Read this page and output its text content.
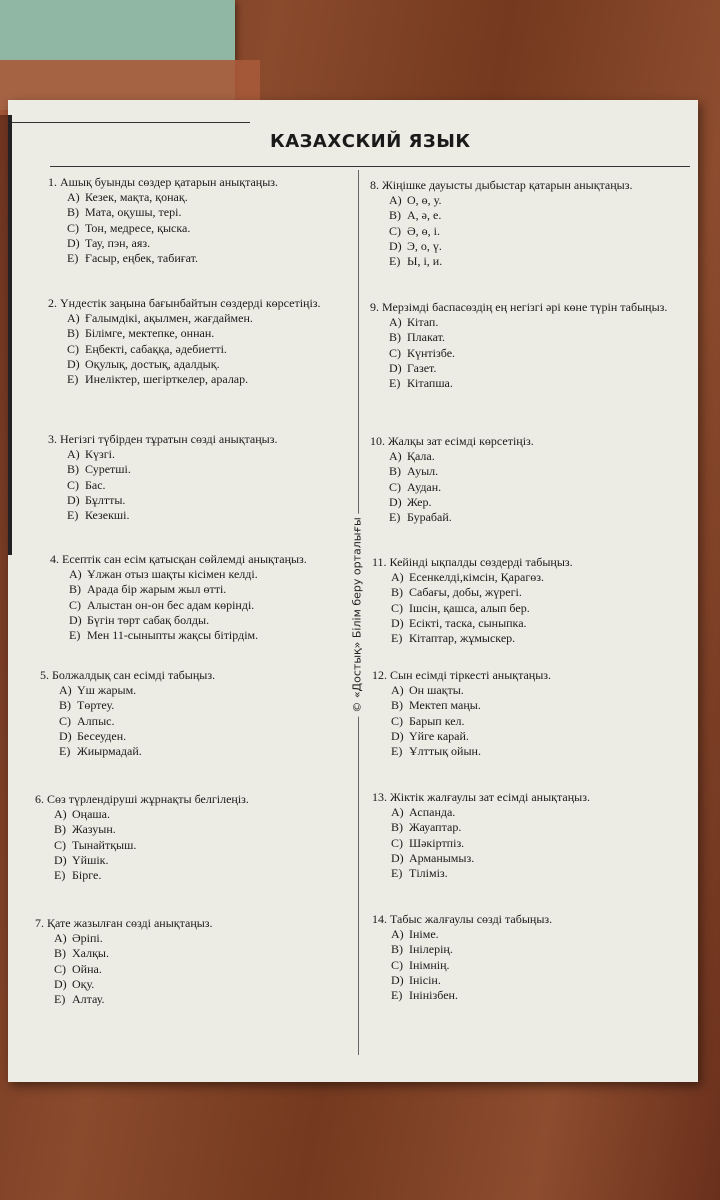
КАЗАХСКИЙ ЯЗЫК
© «Достық» Білім беру орталығы
1. Ашық буынды сөздер қатарын анықтаңыз.
A) Кезек, мақта, қонақ.
B) Мата, оқушы, тері.
C) Тон, медресе, қыска.
D) Тау, пэн, аяз.
E) Ғасыр, еңбек, табиғат.
2. Үндестік заңына бағынбайтын сөздерді көрсетіңіз.
A) Ғалымдікі, ақылмен, жағдаймен.
B) Білімге, мектепке, оннан.
C) Еңбекті, сабаққа, әдебиетті.
D) Оқулық, достық, адалдық.
E) Инеліктер, шегірткелер, аралар.
3. Негізгі түбірден тұратын сөзді анықтаңыз.
A) Күзгі.
B) Суретші.
C) Бас.
D) Бұлтты.
E) Кезекші.
4. Есептік сан есім қатысқан сөйлемді анықтаңыз.
A) Ұлжан отыз шақты кісімен келді.
B) Арада бір жарым жыл өтті.
C) Алыстан он-он бес адам көрінді.
D) Бүгін төрт сабақ болды.
E) Мен 11-сыныпты жақсы бітірдім.
5. Болжалдық сан есімді табыңыз.
A) Үш жарым.
B) Төртеу.
C) Алпыс.
D) Бесеуден.
E) Жиырмадай.
6. Сөз түрлендіруші жұрнақты белгілеңіз.
A) Оңаша.
B) Жазуын.
C) Тынайтқыш.
D) Үйшік.
E) Бірге.
7. Қате жазылған сөзді анықтаңыз.
A) Әріпі.
B) Халқы.
C) Ойна.
D) Оқу.
E) Алтау.
8. Жіңішке дауысты дыбыстар қатарын анықтаңыз.
A) О, ө, у.
B) А, ә, е.
C) Ә, ө, і.
D) Э, о, ү.
E) Ы, і, и.
9. Мерзімді баспасөздің ең негізгі әрі көне түрін табыңыз.
A) Кітап.
B) Плакат.
C) Күнтізбе.
D) Газет.
E) Кітапша.
10. Жалқы зат есімді көрсетіңіз.
A) Қала.
B) Ауыл.
C) Аудан.
D) Жер.
E) Бурабай.
11. Кейінді ықпалды сөздерді табыңыз.
A) Есенкелді,кімсін, Қарагөз.
B) Сабағы, добы, жүрегі.
C) Ішсін, қашса, алып бер.
D) Есікті, таска, сыныпка.
E) Кітаптар, жұмыскер.
12. Сын есімді тіркесті анықтаңыз.
A) Он шақты.
B) Мектеп маңы.
C) Барып кел.
D) Үйге карай.
E) Ұлттық ойын.
13. Жіктік жалғаулы зат есімді анықтаңыз.
A) Аспанда.
B) Жауаптар.
C) Шәкіртпіз.
D) Арманымыз.
E) Тіліміз.
14. Табыс жалғаулы сөзді табыңыз.
A) Ініме.
B) Інілерің.
C) Інімнің.
D) Інісін.
E) Інінізбен.
